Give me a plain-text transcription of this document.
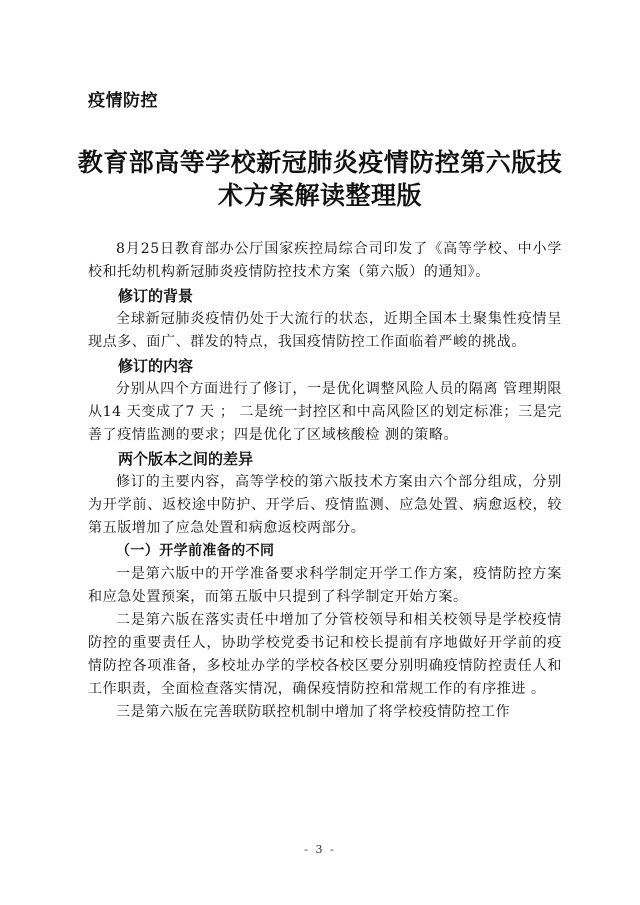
疫情防控
教育部高等学校新冠肺炎疫情防控第六版技术方案解读整理版

8月25日教育部办公厅国家疾控局综合司印发了《高等学校、中小学校和托幼机构新冠肺炎疫情防控技术方案（第六版）的通知》。

修订的背景

全球新冠肺炎疫情仍处于大流行的状态，近期全国本土聚集性疫情呈现点多、面广、群发的特点，我国疫情防控工作面临着严峻的挑战。

修订的内容

分别从四个方面进行了修订，一是优化调整风险人员的隔离 管理期限从14 天变成了7 天 ； 二是统一封控区和中高风险区的划定标准；三是完善了疫情监测的要求；四是优化了区域核酸检 测的策略。

两个版本之间的差异

修订的主要内容，高等学校的第六版技术方案由六个部分组成，分别为开学前、返校途中防护、开学后、疫情监测、应急处置、病愈返校，较第五版增加了应急处置和病愈返校两部分。

（一）开学前准备的不同

一是第六版中的开学准备要求科学制定开学工作方案，疫情防控方案和应急处置预案，而第五版中只提到了科学制定开始方案。

二是第六版在落实责任中增加了分管校领导和相关校领导是学校疫情防控的重要责任人，协助学校党委书记和校长提前有序地做好开学前的疫情防控各项准备，多校址办学的学校各校区要分别明确疫情防控责任人和工作职责，全面检查落实情况，确保疫情防控和常规工作的有序推进 。

三是第六版在完善联防联控机制中增加了将学校疫情防控工作

- 3 -
